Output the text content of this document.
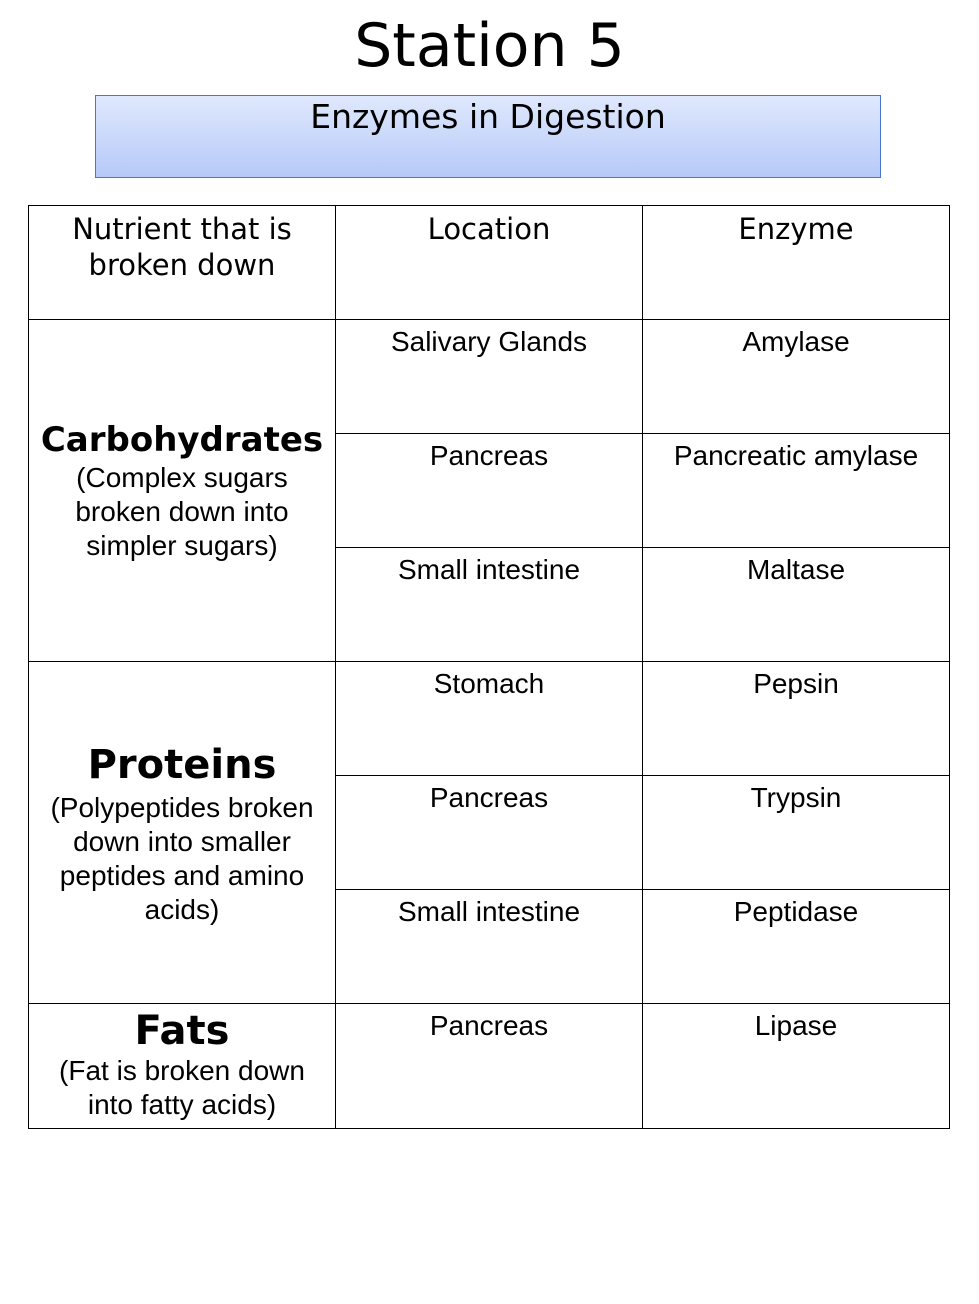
Station 5
Enzymes in Digestion
Nutrient that is broken down	Location	Enzyme

Carbohydrates
(Complex sugars broken down into simpler sugars)	Salivary Glands	Amylase
	Pancreas	Pancreatic amylase
	Small intestine	Maltase

Proteins
(Polypeptides broken down into smaller peptides and amino acids)	Stomach	Pepsin
	Pancreas	Trypsin
	Small intestine	Peptidase

Fats
(Fat is broken down into fatty acids)	Pancreas	Lipase
